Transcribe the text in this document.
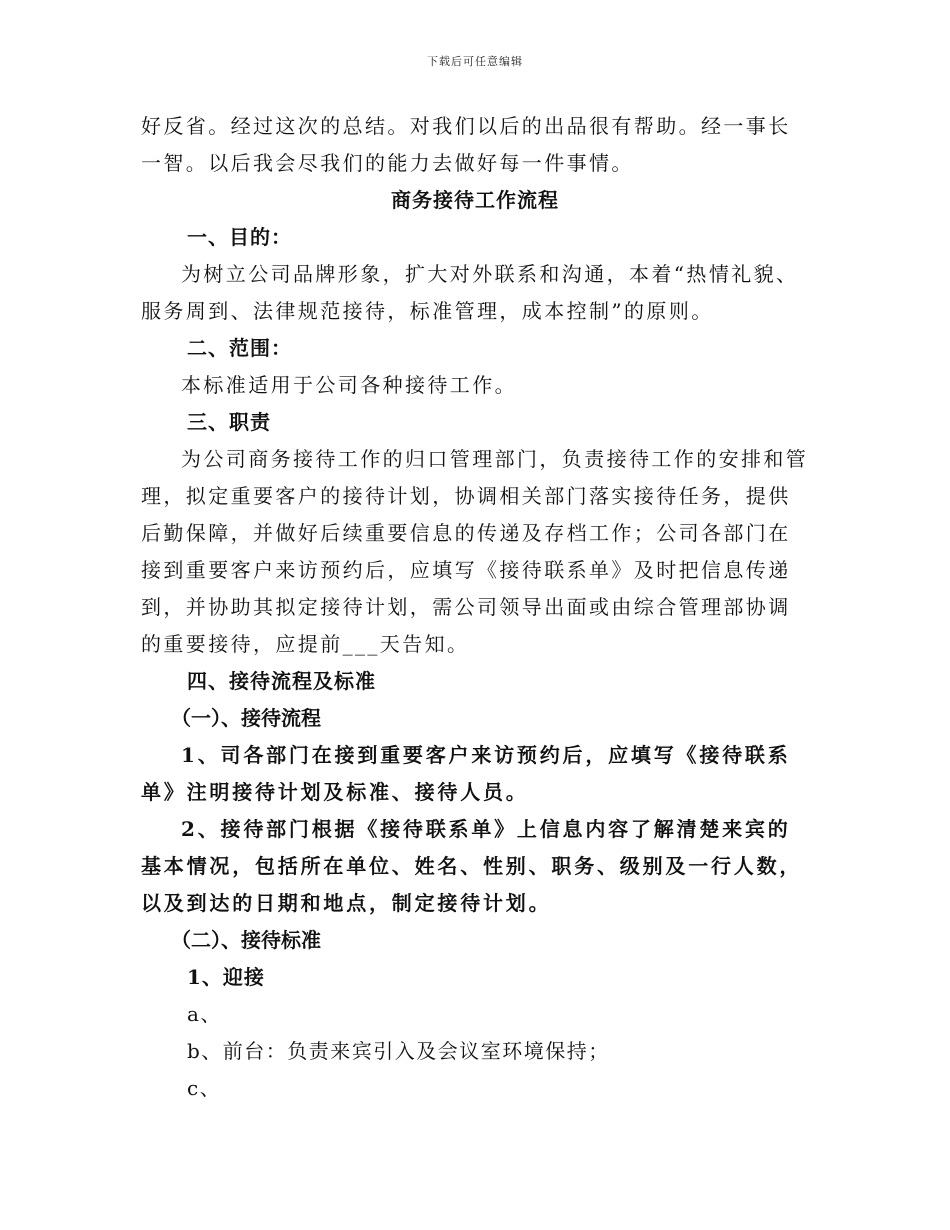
下载后可任意编辑

好反省。经过这次的总结。对我们以后的出品很有帮助。经一事长一智。以后我会尽我们的能力去做好每一件事情。

商务接待工作流程

一、目的：

为树立公司品牌形象，扩大对外联系和沟通，本着“热情礼貌、服务周到、法律规范接待，标准管理，成本控制”的原则。

二、范围：

本标准适用于公司各种接待工作。

三、职责

为公司商务接待工作的归口管理部门，负责接待工作的安排和管理，拟定重要客户的接待计划，协调相关部门落实接待任务，提供后勤保障，并做好后续重要信息的传递及存档工作；公司各部门在接到重要客户来访预约后，应填写《接待联系单》及时把信息传递到，并协助其拟定接待计划，需公司领导出面或由综合管理部协调的重要接待，应提前___天告知。

四、接待流程及标准

（一）、接待流程

1、司各部门在接到重要客户来访预约后，应填写《接待联系单》注明接待计划及标准、接待人员。

2、接待部门根据《接待联系单》上信息内容了解清楚来宾的基本情况，包括所在单位、姓名、性别、职务、级别及一行人数，以及到达的日期和地点，制定接待计划。

（二）、接待标准

1、迎接

a、

b、前台：负责来宾引入及会议室环境保持；

c、
